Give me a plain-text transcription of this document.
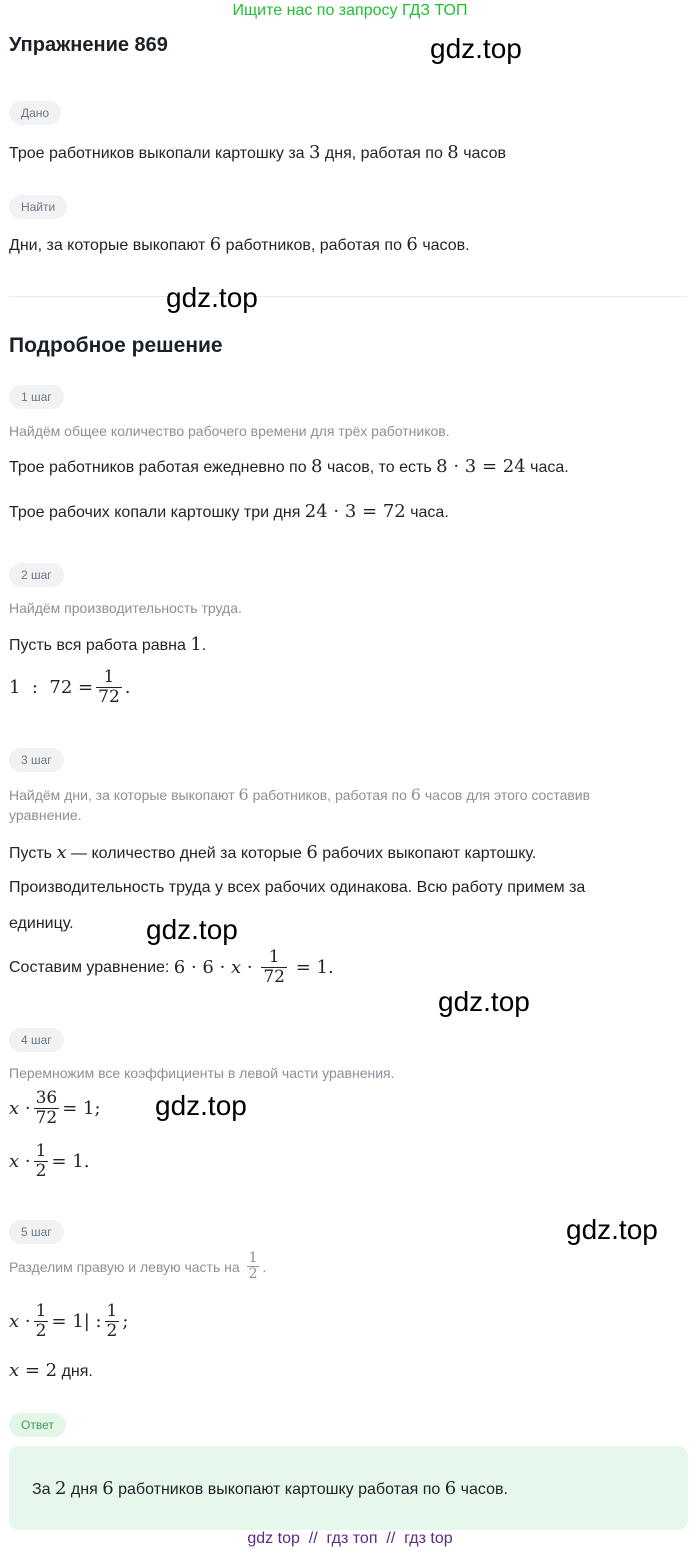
Ищите нас по запросу ГДЗ ТОП
Упражнение 869	gdz.top
Дано
Трое работников выкопали картошку за 3 дня, работая по 8 часов
Найти
Дни, за которые выкопают 6 работников, работая по 6 часов.
gdz.top
Подробное решение
1 шаг
Найдём общее количество рабочего времени для трёх работников.
Трое работников работая ежедневно по 8 часов, то есть 8 · 3 = 24 часа.
Трое рабочих копали картошку три дня 24 · 3 = 72 часа.
2 шаг
Найдём производительность труда.
Пусть вся работа равна 1.
1  :  $72 = \frac{1}{72}$ .
3 шаг
Найдём дни, за которые выкопают 6 работников, работая по 6 часов для этого составив
уравнение.
Пусть x — количество дней за которые 6 рабочих выкопают картошку.
Производительность труда у всех рабочих одинакова. Всю работу примем за
единицу.	gdz.top
Составим уравнение: $6 \cdot 6 \cdot x \cdot \frac{1}{72} = 1$.
gdz.top
4 шаг
Перемножим все коэффициенты в левой части уравнения.
$x \cdot \frac{36}{72} = 1$; gdz.top
$x \cdot \frac{1}{2} = 1$.
5 шаг	gdz.top
Разделим правую и левую часть на $\frac{1}{2}$ .
$x \cdot \frac{1}{2} = 1|$ : $\frac{1}{2}$ ;
x = 2 дня.
Ответ
За 2 дня 6 работников выкопают картошку работая по 6 часов.
gdz top  //  гдз топ  //  гдз top
